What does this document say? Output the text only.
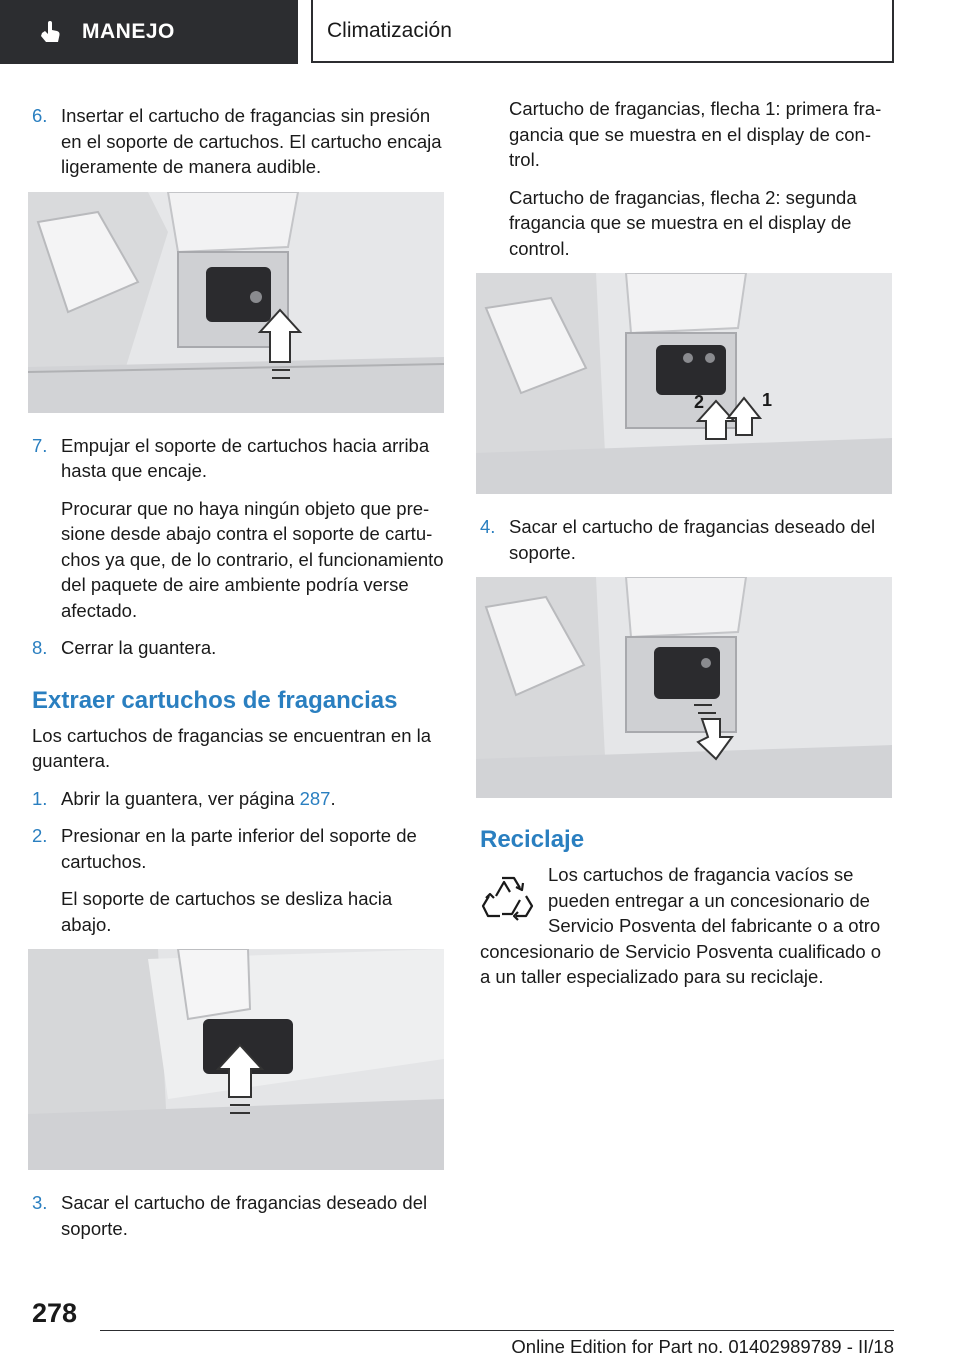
MANEJO	Climatización
6. Insertar el cartucho de fragancias sin presión en el soporte de cartuchos. El cartucho encaja ligeramente de manera audible.
7. Empujar el soporte de cartuchos hacia arriba hasta que encaje.
Procurar que no haya ningún objeto que presione desde abajo contra el soporte de cartuchos ya que, de lo contrario, el funcionamiento del paquete de aire ambiente podría verse afectado.
8. Cerrar la guantera.
Extraer cartuchos de fragancias
Los cartuchos de fragancias se encuentran en la guantera.
1. Abrir la guantera, ver página 287.
2. Presionar en la parte inferior del soporte de cartuchos.
El soporte de cartuchos se desliza hacia abajo.
3. Sacar el cartucho de fragancias deseado del soporte.
Cartucho de fragancias, flecha 1: primera fragancia que se muestra en el display de control.
Cartucho de fragancias, flecha 2: segunda fragancia que se muestra en el display de control.
2	1
4. Sacar el cartucho de fragancias deseado del soporte.
Reciclaje
Los cartuchos de fragancia vacíos se pueden entregar a un concesionario de Servicio Posventa del fabricante o a otro concesionario de Servicio Posventa cualificado o a un taller especializado para su reciclaje.
278
Online Edition for Part no. 01402989789 - II/18
